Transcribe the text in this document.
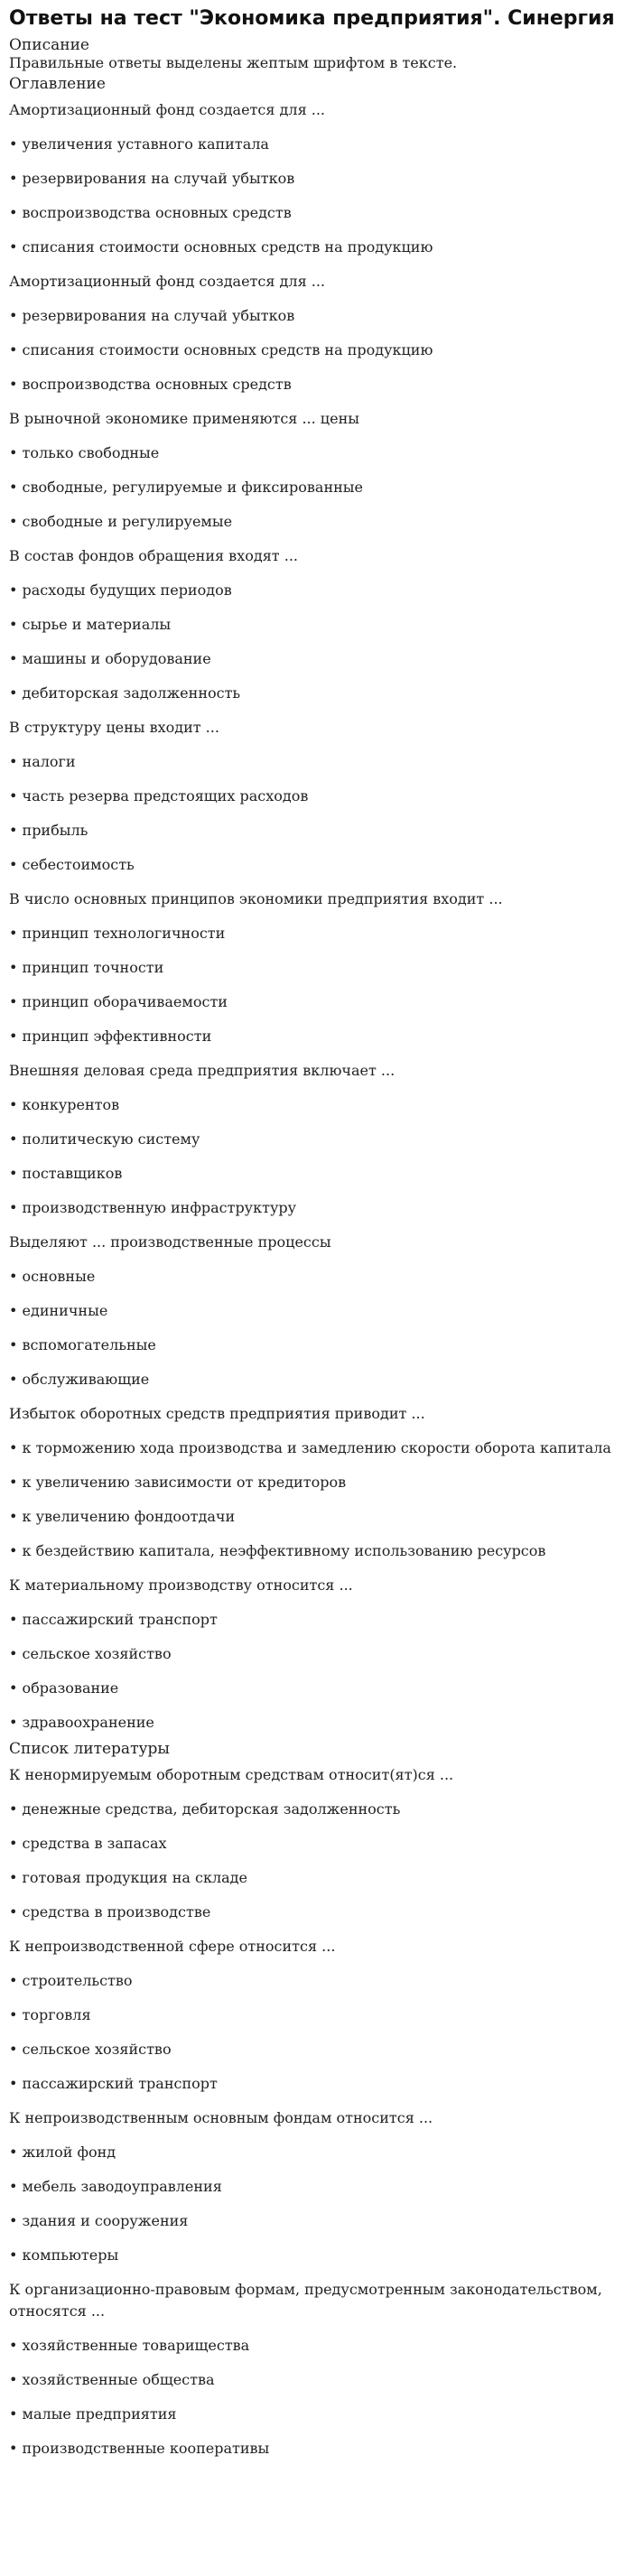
Ответы на тест "Экономика предприятия". Синергия
Описание
Правильные ответы выделены жептым шрифтом в тексте.
Оглавление

Амортизационный фонд создается для ...

• увеличения уставного капитала

• резервирования на случай убытков

• воспроизводства основных средств

• списания стоимости основных средств на продукцию

Амортизационный фонд создается для ...

• резервирования на случай убытков

• списания стоимости основных средств на продукцию

• воспроизводства основных средств

В рыночной экономике применяются ... цены

• только свободные

• свободные, регулируемые и фиксированные

• свободные и регулируемые

В состав фондов обращения входят ...

• расходы будущих периодов

• сырье и материалы

• машины и оборудование

• дебиторская задолженность

В структуру цены входит ...

• налоги

• часть резерва предстоящих расходов

• прибыль

• себестоимость

В число основных принципов экономики предприятия входит ...

• принцип технологичности

• принцип точности

• принцип оборачиваемости

• принцип эффективности

Внешняя деловая среда предприятия включает ...

• конкурентов

• политическую систему

• поставщиков

• производственную инфраструктуру

Выделяют ... производственные процессы

• основные

• единичные

• вспомогательные

• обслуживающие

Избыток оборотных средств предприятия приводит ...

• к торможению хода производства и замедлению скорости оборота капитала

• к увеличению зависимости от кредиторов

• к увеличению фондоотдачи

• к бездействию капитала, неэффективному использованию ресурсов

К материальному производству относится ...

• пассажирский транспорт

• сельское хозяйство

• образование

• здравоохранение

Список литературы

К ненормируемым оборотным средствам относит(ят)ся ...

• денежные средства, дебиторская задолженность

• средства в запасах

• готовая продукция на складе

• средства в производстве

К непроизводственной сфере относится ...

• строительство

• торговля

• сельское хозяйство

• пассажирский транспорт

К непроизводственным основным фондам относится ...

• жилой фонд

• мебель заводоуправления

• здания и сооружения

• компьютеры

К организационно-правовым формам, предусмотренным законодательством, относятся ...

• хозяйственные товарищества

• хозяйственные общества

• малые предприятия

• производственные кооперативы
